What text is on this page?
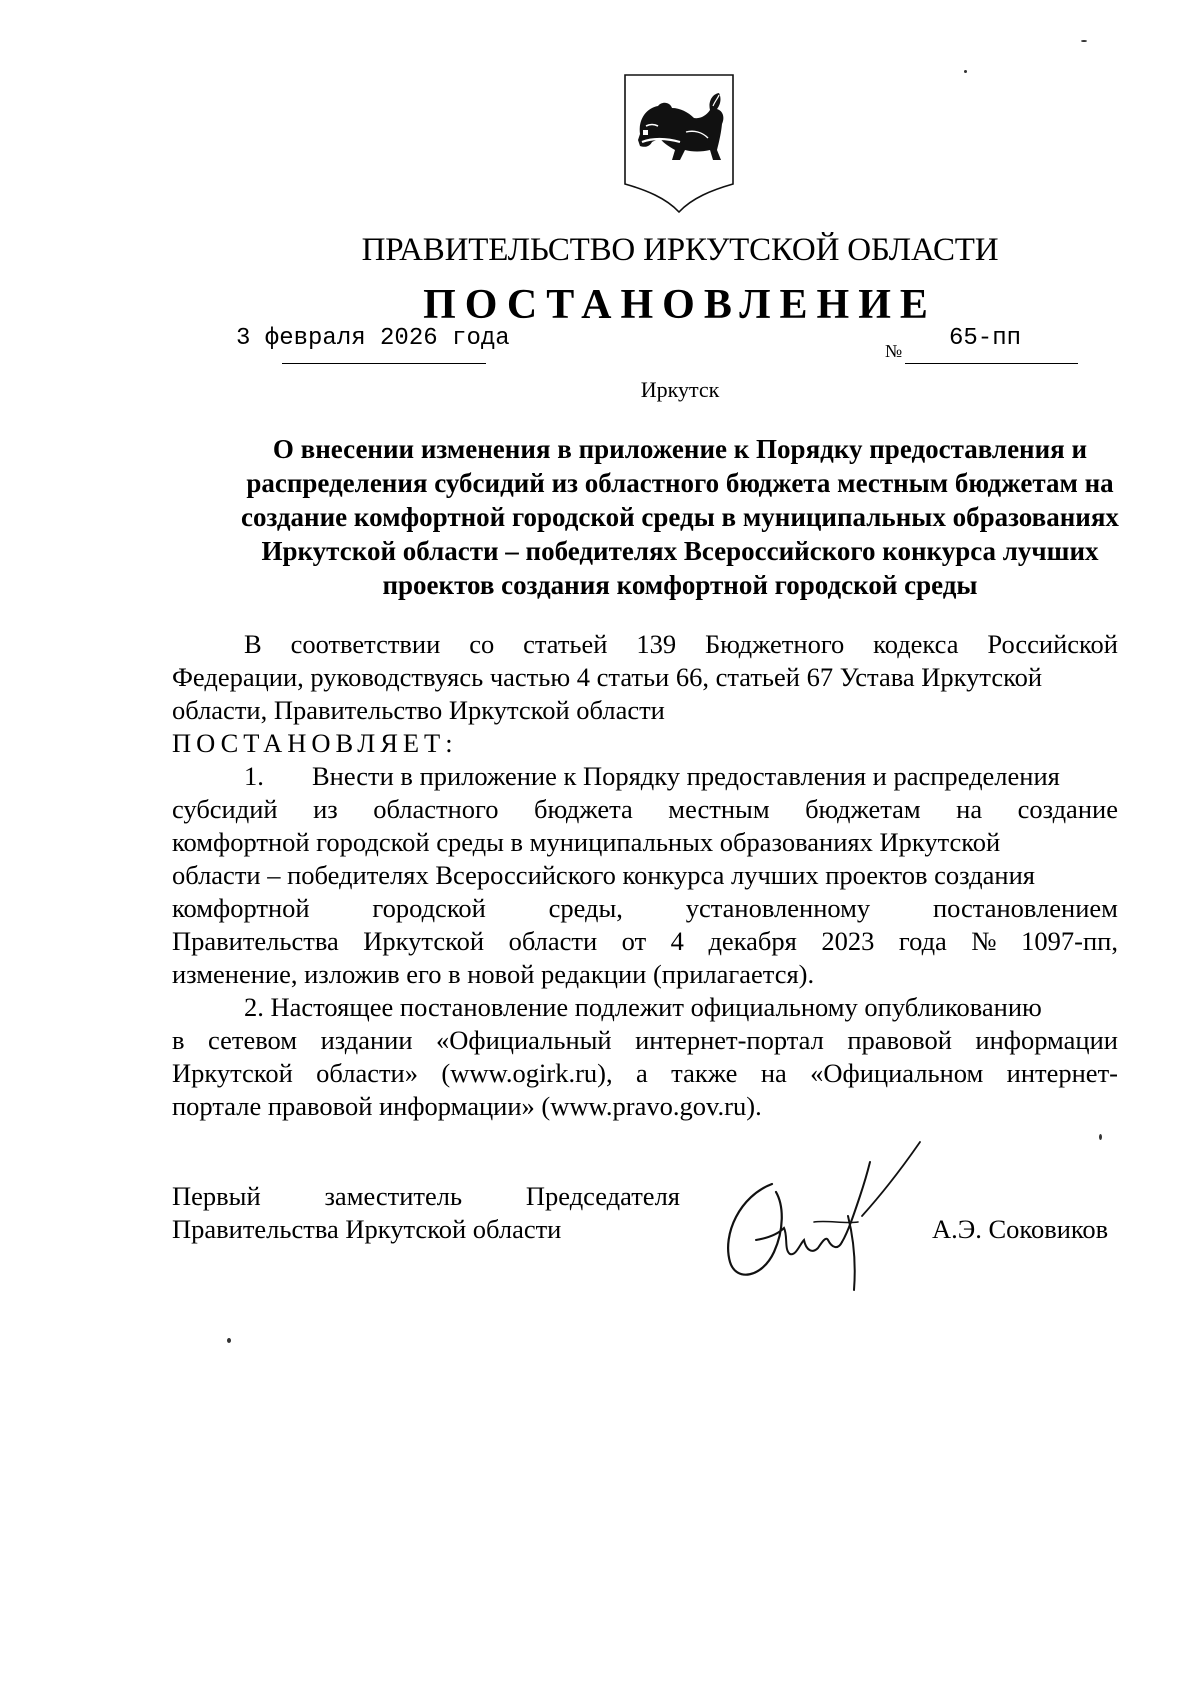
ПРАВИТЕЛЬСТВО ИРКУТСКОЙ ОБЛАСТИ
ПОСТАНОВЛЕНИЕ
3 февраля 2026 года	№ 65-пп
Иркутск
О внесении изменения в приложение к Порядку предоставления и
распределения субсидий из областного бюджета местным бюджетам на
создание комфортной городской среды в муниципальных образованиях
Иркутской области – победителях Всероссийского конкурса лучших
проектов создания комфортной городской среды
В соответствии со статьей 139 Бюджетного кодекса Российской
Федерации, руководствуясь частью 4 статьи 66, статьей 67 Устава Иркутской
области, Правительство Иркутской области
ПОСТАНОВЛЯЕТ:
1. Внести в приложение к Порядку предоставления и распределения
субсидий из областного бюджета местным бюджетам на создание
комфортной городской среды в муниципальных образованиях Иркутской
области – победителях Всероссийского конкурса лучших проектов создания
комфортной городской среды, установленному постановлением
Правительства Иркутской области от 4 декабря 2023 года № 1097-пп,
изменение, изложив его в новой редакции (прилагается).
2. Настоящее постановление подлежит официальному опубликованию
в сетевом издании «Официальный интернет-портал правовой информации
Иркутской области» (www.ogirk.ru), а также на «Официальном интернет-
портале правовой информации» (www.pravo.gov.ru).
Первый заместитель Председателя
Правительства Иркутской области	А.Э. Соковиков
